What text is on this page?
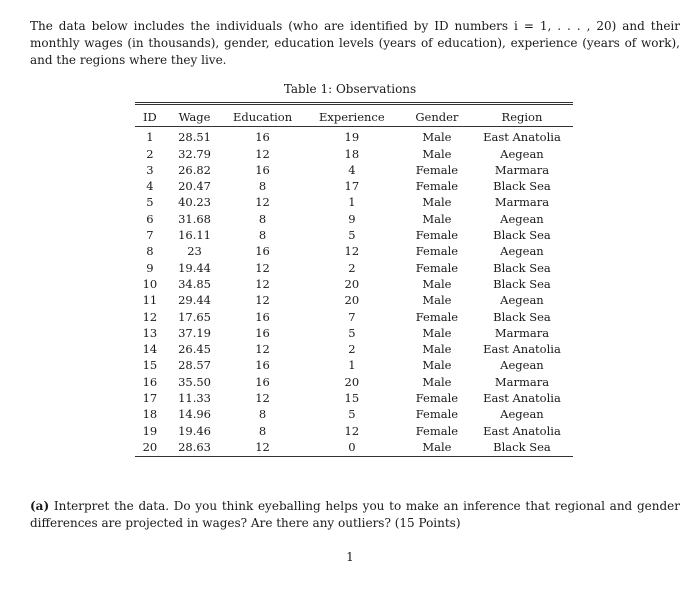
The data below includes the individuals (who are identified by ID numbers i = 1, . . . , 20) and their monthly wages (in thousands), gender, education levels (years of education), experience (years of work), and the regions where they live.

Table 1: Observations
ID	Wage	Education	Experience	Gender	Region
1	28.51	16	19	Male	East Anatolia
2	32.79	12	18	Male	Aegean
3	26.82	16	4	Female	Marmara
4	20.47	8	17	Female	Black Sea
5	40.23	12	1	Male	Marmara
6	31.68	8	9	Male	Aegean
7	16.11	8	5	Female	Black Sea
8	23	16	12	Female	Aegean
9	19.44	12	2	Female	Black Sea
10	34.85	12	20	Male	Black Sea
11	29.44	12	20	Male	Aegean
12	17.65	16	7	Female	Black Sea
13	37.19	16	5	Male	Marmara
14	26.45	12	2	Male	East Anatolia
15	28.57	16	1	Male	Aegean
16	35.50	16	20	Male	Marmara
17	11.33	12	15	Female	East Anatolia
18	14.96	8	5	Female	Aegean
19	19.46	8	12	Female	East Anatolia
20	28.63	12	0	Male	Black Sea

(a) Interpret the data. Do you think eyeballing helps you to make an inference that regional and gender differences are projected in wages? Are there any outliers? (15 Points)

1
